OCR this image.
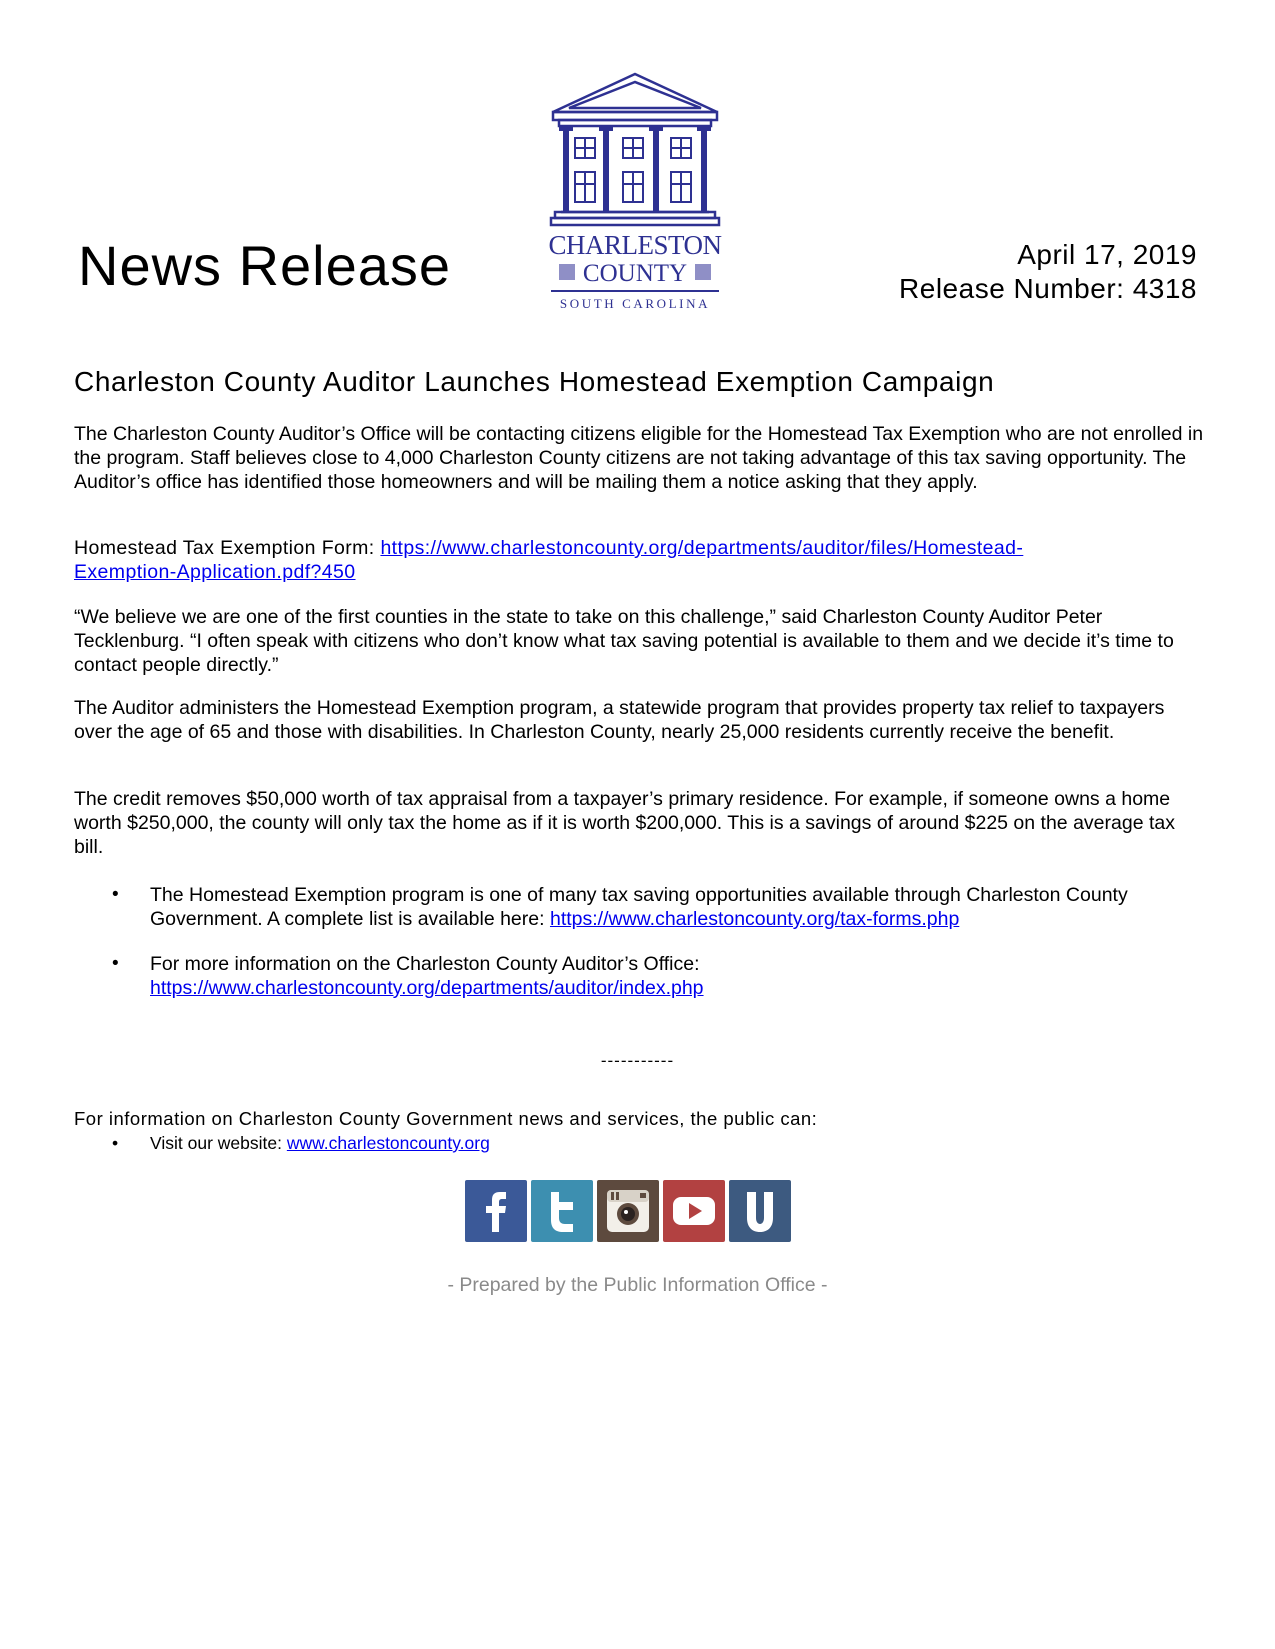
News Release	CHARLESTON
COUNTY
SOUTH CAROLINA
April 17, 2019
Release Number: 4318
Charleston County Auditor Launches Homestead Exemption Campaign

The Charleston County Auditor’s Office will be contacting citizens eligible for the Homestead Tax Exemption who are not enrolled in the program. Staff believes close to 4,000 Charleston County citizens are not taking advantage of this tax saving opportunity. The Auditor’s office has identified those homeowners and will be mailing them a notice asking that they apply.

Homestead Tax Exemption Form: https://www.charlestoncounty.org/departments/auditor/files/Homestead-
Exemption-Application.pdf?450

“We believe we are one of the first counties in the state to take on this challenge,” said Charleston County Auditor Peter Tecklenburg. “I often speak with citizens who don’t know what tax saving potential is available to them and we decide it’s time to contact people directly.”

The Auditor administers the Homestead Exemption program, a statewide program that provides property tax relief to taxpayers over the age of 65 and those with disabilities. In Charleston County, nearly 25,000 residents currently receive the benefit.

The credit removes $50,000 worth of tax appraisal from a taxpayer’s primary residence. For example, if someone owns a home worth $250,000, the county will only tax the home as if it is worth $200,000. This is a savings of around $225 on the average tax bill.

• The Homestead Exemption program is one of many tax saving opportunities available through Charleston County Government. A complete list is available here: https://www.charlestoncounty.org/tax-forms.php
• For more information on the Charleston County Auditor’s Office:
https://www.charlestoncounty.org/departments/auditor/index.php
-----------
For information on Charleston County Government news and services, the public can:
• Visit our website: www.charlestoncounty.org
- Prepared by the Public Information Office -
